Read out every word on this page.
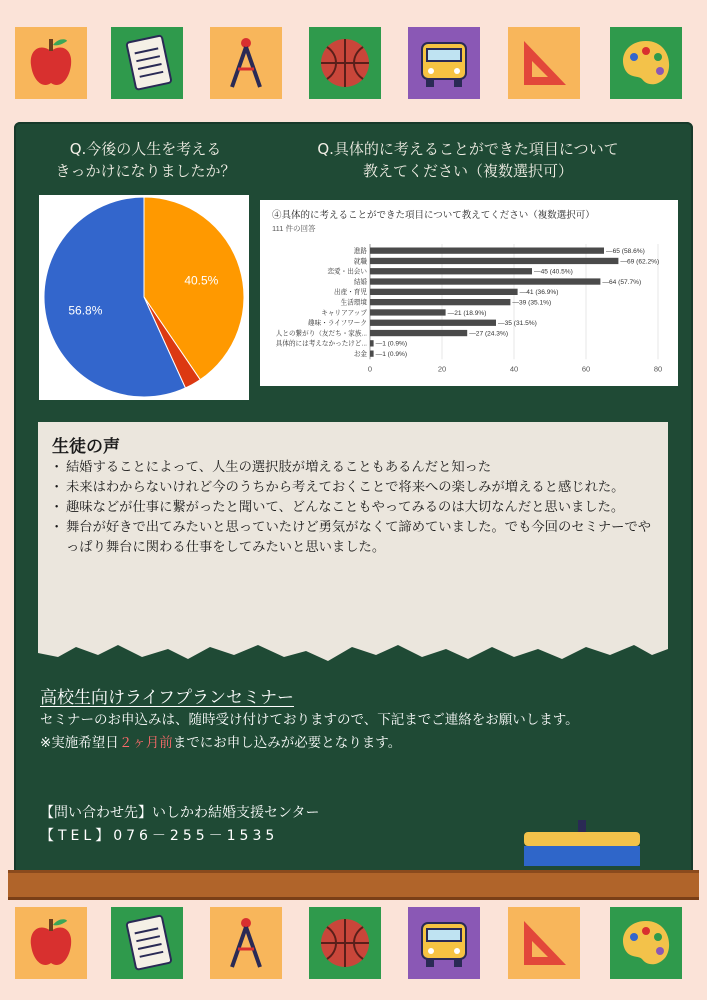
Q.今後の人生を考える
きっかけになりましたか？
Q.具体的に考えることができた項目について
教えてください（複数選択可）
40.5%
56.8%
④具体的に考えることができた項目について教えてください（複数選択可）
111 件の回答
0	20	40	60	80
進路	—65 (58.6%)
就職	—69 (62.2%)
恋愛・出会い	—45 (40.5%)
結婚	—64 (57.7%)
出産・育児	—41 (36.9%)
生活環境	—39 (35.1%)
キャリアアップ	—21 (18.9%)
趣味・ライフワーク	—35 (31.5%)
人との繋がり（友だち・家族...	—27 (24.3%)
具体的には考えなかったけど... —1 (0.9%)
お金 —1 (0.9%)
生徒の声
・ 結婚することによって、人生の選択肢が増えることもあるんだと知った
・ 未来はわからないけれど今のうちから考えておくことで将来への楽しみが増えると感じれた。
・ 趣味などが仕事に繋がったと聞いて、どんなこともやってみるのは大切なんだと思いました。
・ 舞台が好きで出てみたいと思っていたけど勇気がなくて諦めていました。でも今回のセミナーでやっぱり舞台に関わる仕事をしてみたいと思いました。
高校生向けライフプランセミナー
セミナーのお申込みは、随時受け付けておりますので、下記までご連絡をお願いします。
※実施希望日２ヶ月前までにお申し込みが必要となります。
【問い合わせ先】いしかわ結婚支援センター
【TEL】076－255－1535
